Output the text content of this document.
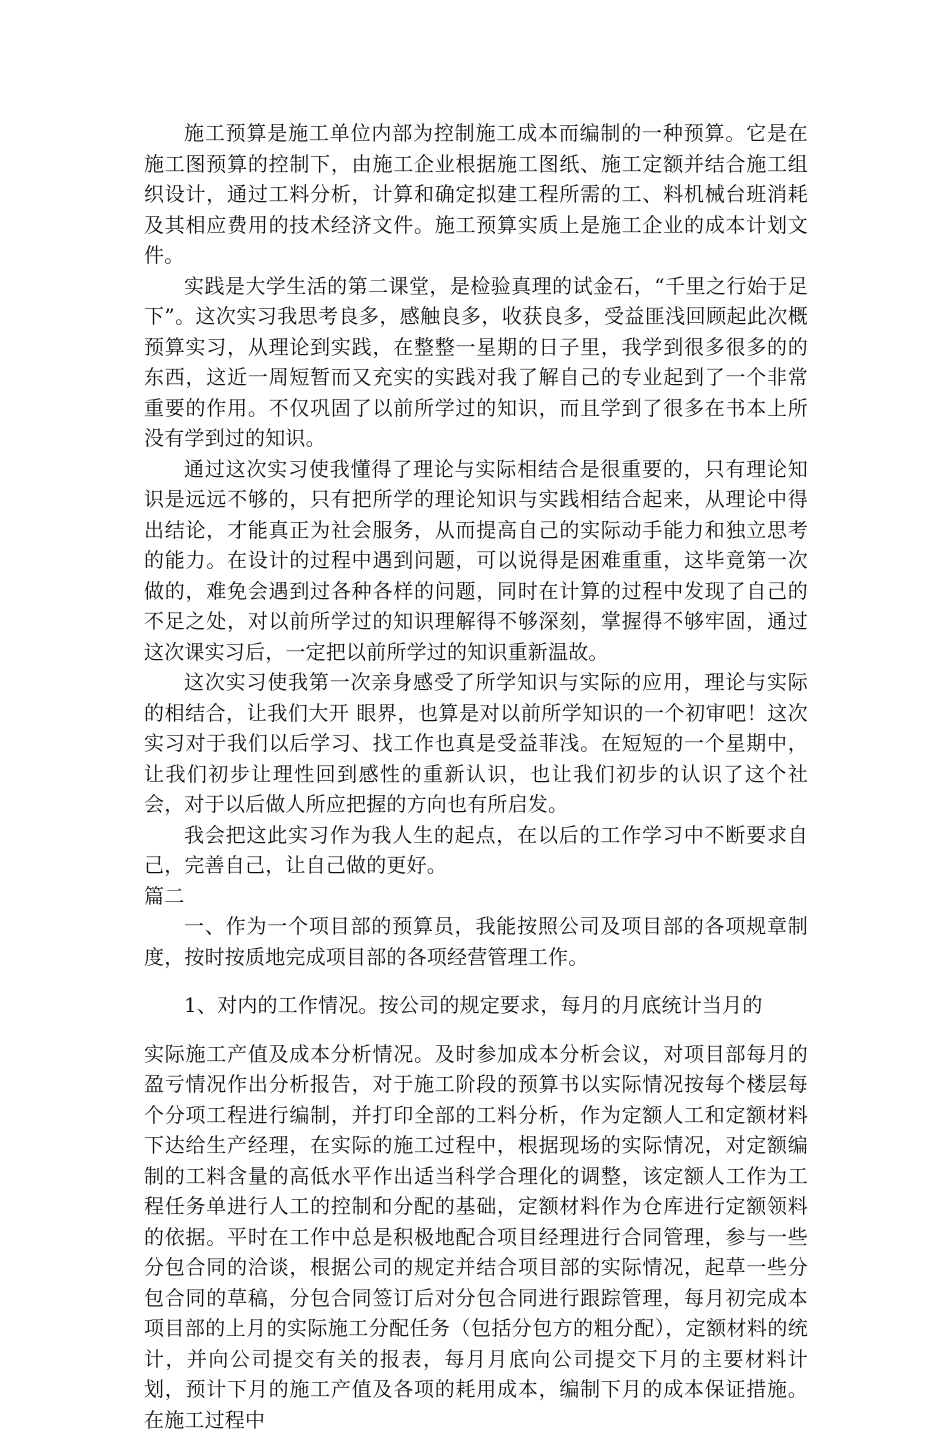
施工预算是施工单位内部为控制施工成本而编制的一种预算。它是在施工图预算的控制下，由施工企业根据施工图纸、施工定额并结合施工组织设计，通过工料分析，计算和确定拟建工程所需的工、料机械台班消耗及其相应费用的技术经济文件。施工预算实质上是施工企业的成本计划文件。

实践是大学生活的第二课堂，是检验真理的试金石，“千里之行始于足下”。这次实习我思考良多，感触良多，收获良多，受益匪浅回顾起此次概预算实习，从理论到实践，在整整一星期的日子里，我学到很多很多的的东西，这近一周短暂而又充实的实践对我了解自己的专业起到了一个非常重要的作用。不仅巩固了以前所学过的知识，而且学到了很多在书本上所没有学到过的知识。

通过这次实习使我懂得了理论与实际相结合是很重要的，只有理论知识是远远不够的，只有把所学的理论知识与实践相结合起来，从理论中得出结论，才能真正为社会服务，从而提高自己的实际动手能力和独立思考的能力。在设计的过程中遇到问题，可以说得是困难重重，这毕竟第一次做的，难免会遇到过各种各样的问题，同时在计算的过程中发现了自己的不足之处，对以前所学过的知识理解得不够深刻，掌握得不够牢固，通过这次课实习后，一定把以前所学过的知识重新温故。

这次实习使我第一次亲身感受了所学知识与实际的应用，理论与实际的相结合，让我们大开 眼界，也算是对以前所学知识的一个初审吧！这次实习对于我们以后学习、找工作也真是受益菲浅。在短短的一个星期中，让我们初步让理性回到感性的重新认识，也让我们初步的认识了这个社会，对于以后做人所应把握的方向也有所启发。

我会把这此实习作为我人生的起点，在以后的工作学习中不断要求自己，完善自己，让自己做的更好。

篇二

一、作为一个项目部的预算员，我能按照公司及项目部的各项规章制度，按时按质地完成项目部的各项经营管理工作。

1、对内的工作情况。按公司的规定要求，每月的月底统计当月的

实际施工产值及成本分析情况。及时参加成本分析会议，对项目部每月的盈亏情况作出分析报告，对于施工阶段的预算书以实际情况按每个楼层每个分项工程进行编制，并打印全部的工料分析，作为定额人工和定额材料下达给生产经理，在实际的施工过程中，根据现场的实际情况，对定额编制的工料含量的高低水平作出适当科学合理化的调整，该定额人工作为工程任务单进行人工的控制和分配的基础，定额材料作为仓库进行定额领料的依据。平时在工作中总是积极地配合项目经理进行合同管理，参与一些分包合同的洽谈，根据公司的规定并结合项目部的实际情况，起草一些分包合同的草稿，分包合同签订后对分包合同进行跟踪管理，每月初完成本项目部的上月的实际施工分配任务（包括分包方的粗分配），定额材料的统计，并向公司提交有关的报表，每月月底向公司提交下月的主要材料计划，预计下月的施工产值及各项的耗用成本，编制下月的成本保证措施。在施工过程中
